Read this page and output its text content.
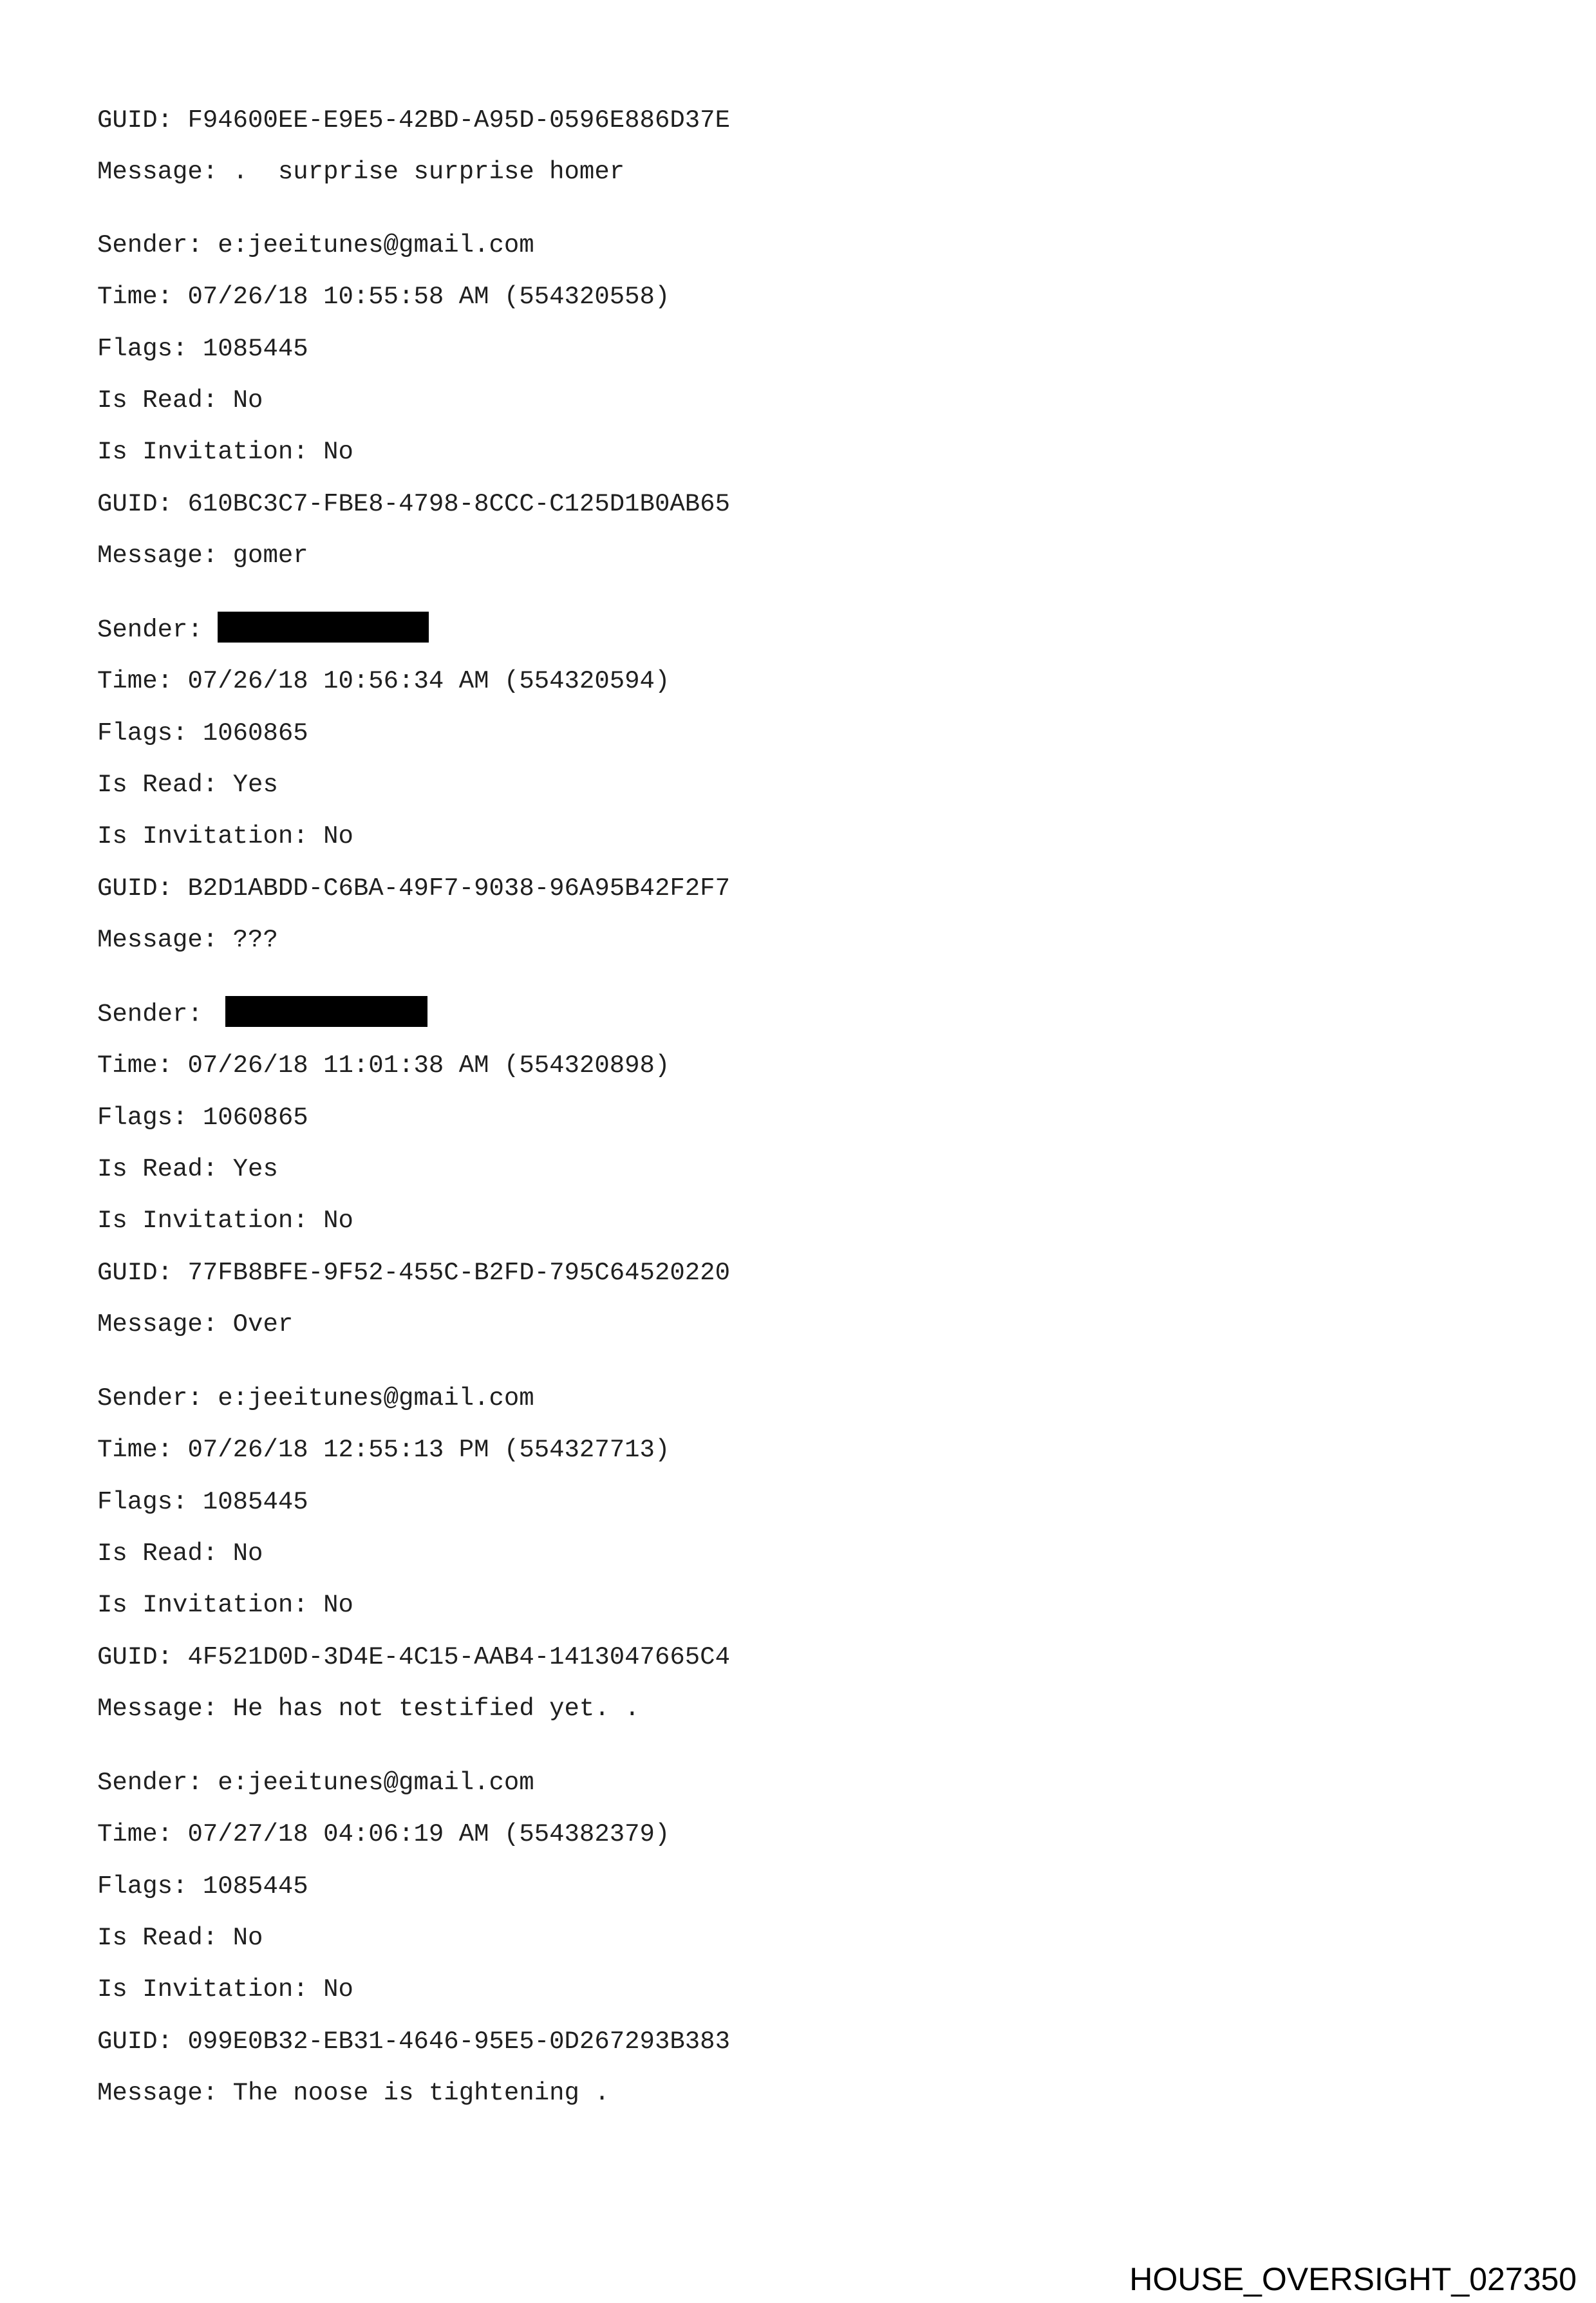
GUID: F94600EE-E9E5-42BD-A95D-0596E886D37E
Message: .  surprise surprise homer
Sender: e:jeeitunes@gmail.com
Time: 07/26/18 10:55:58 AM (554320558)
Flags: 1085445
Is Read: No
Is Invitation: No
GUID: 610BC3C7-FBE8-4798-8CCC-C125D1B0AB65
Message: gomer
Sender:
Time: 07/26/18 10:56:34 AM (554320594)
Flags: 1060865
Is Read: Yes
Is Invitation: No
GUID: B2D1ABDD-C6BA-49F7-9038-96A95B42F2F7
Message: ???
Sender:
Time: 07/26/18 11:01:38 AM (554320898)
Flags: 1060865
Is Read: Yes
Is Invitation: No
GUID: 77FB8BFE-9F52-455C-B2FD-795C64520220
Message: Over
Sender: e:jeeitunes@gmail.com
Time: 07/26/18 12:55:13 PM (554327713)
Flags: 1085445
Is Read: No
Is Invitation: No
GUID: 4F521D0D-3D4E-4C15-AAB4-1413047665C4
Message: He has not testified yet. .
Sender: e:jeeitunes@gmail.com
Time: 07/27/18 04:06:19 AM (554382379)
Flags: 1085445
Is Read: No
Is Invitation: No
GUID: 099E0B32-EB31-4646-95E5-0D267293B383
Message: The noose is tightening .
HOUSE_OVERSIGHT_027350
